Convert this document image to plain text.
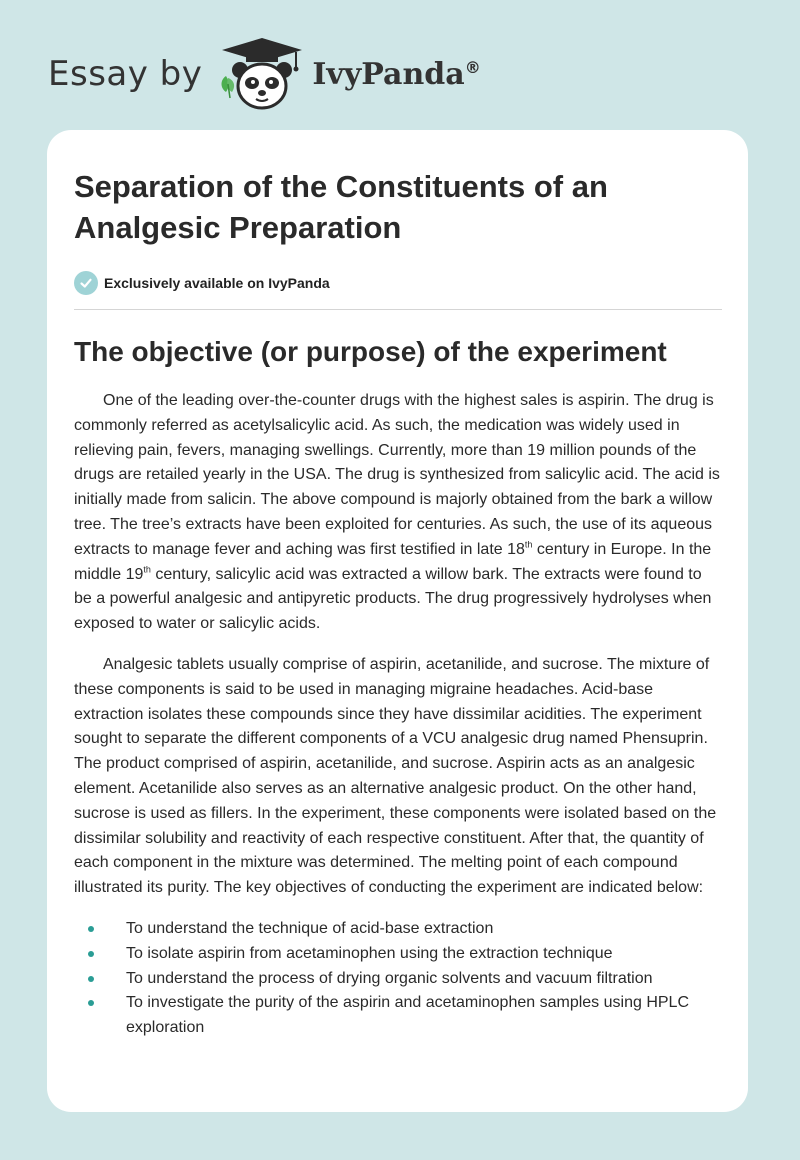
Essay by	IvyPanda®
Separation of the Constituents of an Analgesic Preparation
Exclusively available on IvyPanda
The objective (or purpose) of the experiment

One of the leading over-the-counter drugs with the highest sales is aspirin. The drug is commonly referred as acetylsalicylic acid. As such, the medication was widely used in relieving pain, fevers, managing swellings. Currently, more than 19 million pounds of the drugs are retailed yearly in the USA. The drug is synthesized from salicylic acid. The acid is initially made from salicin. The above compound is majorly obtained from the bark a willow tree. The tree’s extracts have been exploited for centuries. As such, the use of its aqueous extracts to manage fever and aching was first testified in late 18th century in Europe. In the middle 19th century, salicylic acid was extracted a willow bark. The extracts were found to be a powerful analgesic and antipyretic products. The drug progressively hydrolyses when exposed to water or salicylic acids.

Analgesic tablets usually comprise of aspirin, acetanilide, and sucrose. The mixture of these components is said to be used in managing migraine headaches. Acid-base extraction isolates these compounds since they have dissimilar acidities. The experiment sought to separate the different components of a VCU analgesic drug named Phensuprin. The product comprised of aspirin, acetanilide, and sucrose. Aspirin acts as an analgesic element. Acetanilide also serves as an alternative analgesic product. On the other hand, sucrose is used as fillers. In the experiment, these components were isolated based on the dissimilar solubility and reactivity of each respective constituent. After that, the quantity of each component in the mixture was determined. The melting point of each compound illustrated its purity. The key objectives of conducting the experiment are indicated below:

To understand the technique of acid-base extraction
To isolate aspirin from acetaminophen using the extraction technique
To understand the process of drying organic solvents and vacuum filtration
To investigate the purity of the aspirin and acetaminophen samples using HPLC exploration
